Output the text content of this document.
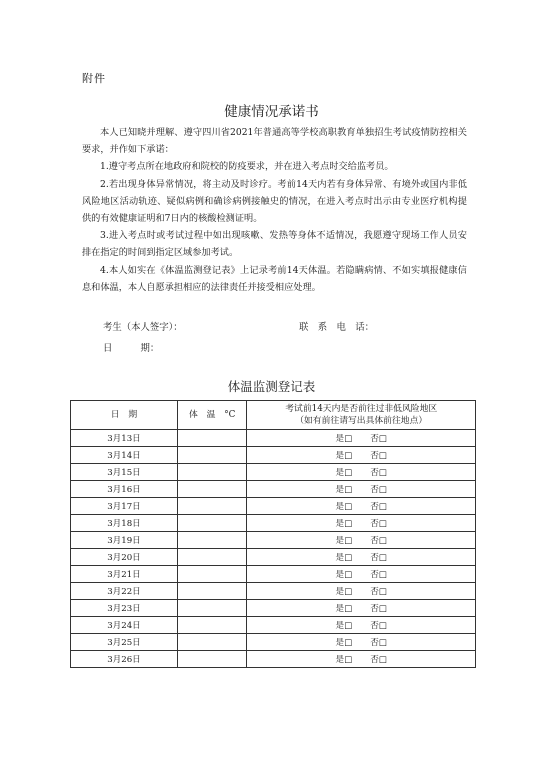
附件
健康情况承诺书

本人已知晓并理解、遵守四川省2021年普通高等学校高职教育单独招生考试疫情防控相关要求，并作如下承诺：

1.遵守考点所在地政府和院校的防疫要求，并在进入考点时交给监考员。

2.若出现身体异常情况，将主动及时诊疗。考前14天内若有身体异常、有境外或国内非低风险地区活动轨迹、疑似病例和确诊病例接触史的情况，在进入考点时出示由专业医疗机构提供的有效健康证明和7日内的核酸检测证明。

3.进入考点时或考试过程中如出现咳嗽、发热等身体不适情况，我愿遵守现场工作人员安排在指定的时间到指定区域参加考试。

4.本人如实在《体温监测登记表》上记录考前14天体温。若隐瞒病情、不如实填报健康信息和体温，本人自愿承担相应的法律责任并接受相应处理。

考生（本人签字）：	联　系　电　话：
日　　　期：
体温监测登记表
日　期	体　温　°C	考试前14天内是否前往过非低风险地区
（如有前往请写出具体前往地点）

3月13日		是□ 否□
3月14日		是□ 否□
3月15日		是□ 否□
3月16日		是□ 否□
3月17日		是□ 否□
3月18日		是□ 否□
3月19日		是□ 否□
3月20日		是□ 否□
3月21日		是□ 否□
3月22日		是□ 否□
3月23日		是□ 否□
3月24日		是□ 否□
3月25日		是□ 否□
3月26日		是□ 否□
